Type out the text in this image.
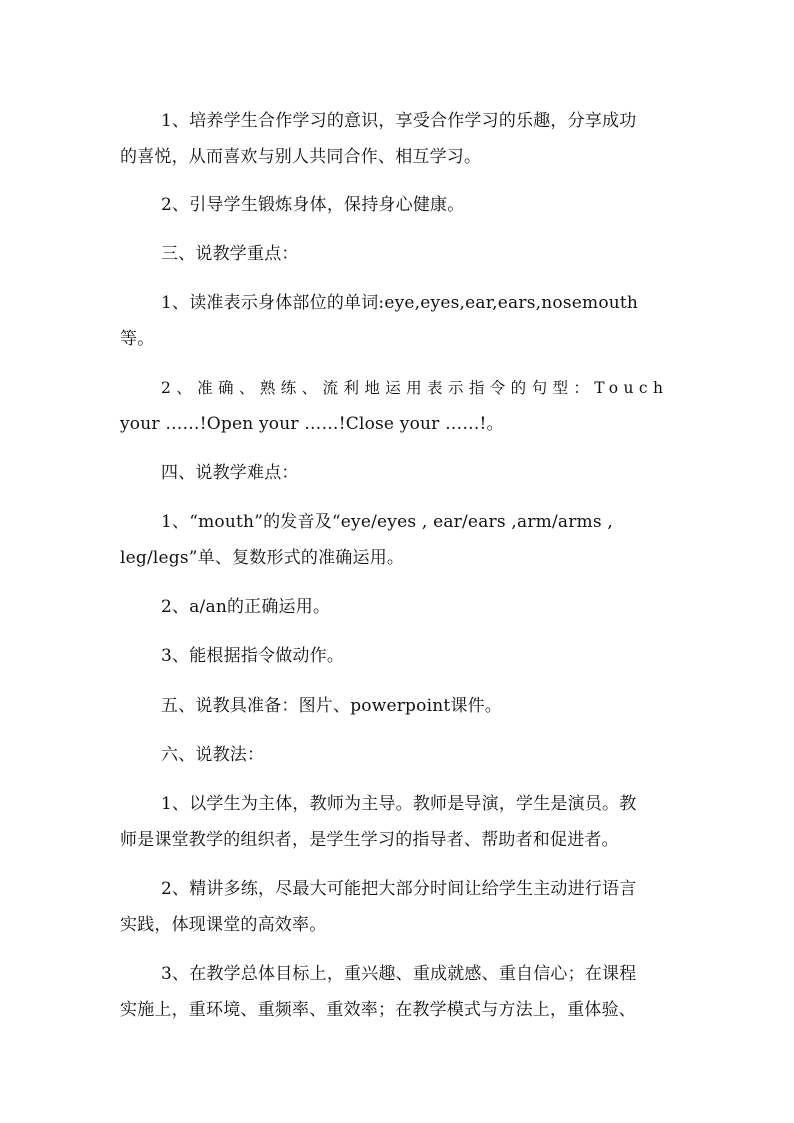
1、培养学生合作学习的意识，享受合作学习的乐趣，分享成功
的喜悦，从而喜欢与别人共同合作、相互学习。
2、引导学生锻炼身体，保持身心健康。
三、说教学重点：
1、读准表示身体部位的单词:eye,eyes,ear,ears,nosemouth
等。
2、准确、熟练、流利地运用表示指令的句型：Touch
your ……!Open your ……!Close your ……!。
四、说教学难点：
1、“mouth”的发音及“eye/eyes , ear/ears ,arm/arms ,
leg/legs”单、复数形式的准确运用。
2、a/an的正确运用。
3、能根据指令做动作。
五、说教具准备：图片、powerpoint课件。
六、说教法：
1、以学生为主体，教师为主导。教师是导演，学生是演员。教
师是课堂教学的组织者，是学生学习的指导者、帮助者和促进者。
2、精讲多练，尽最大可能把大部分时间让给学生主动进行语言
实践，体现课堂的高效率。
3、在教学总体目标上，重兴趣、重成就感、重自信心；在课程
实施上，重环境、重频率、重效率；在教学模式与方法上，重体验、
